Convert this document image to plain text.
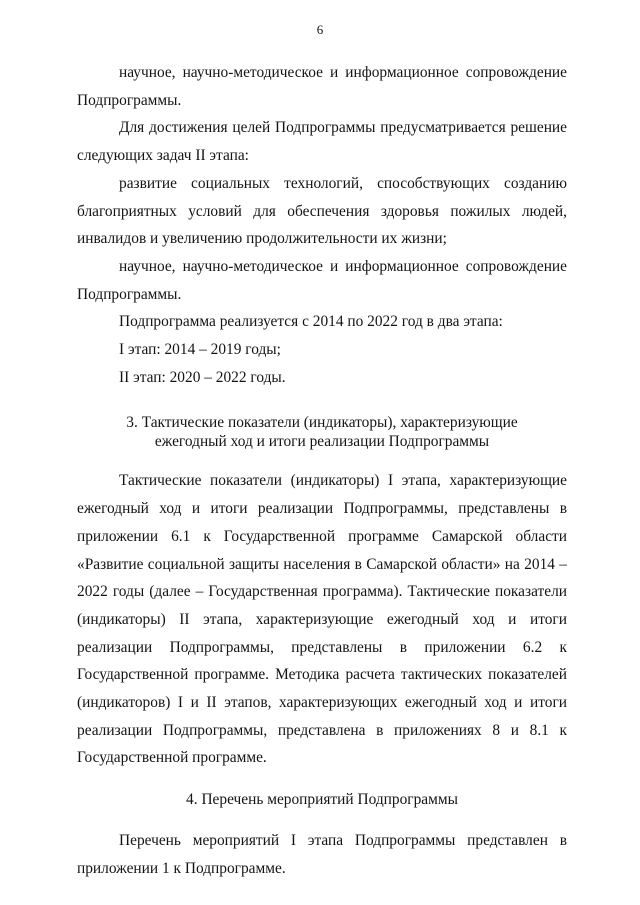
6

научное, научно-методическое и информационное сопровождение Подпрограммы.

Для достижения целей Подпрограммы предусматривается решение следующих задач II этапа:

развитие социальных технологий, способствующих созданию благоприятных условий для обеспечения здоровья пожилых людей, инвалидов и увеличению продолжительности их жизни;

научное, научно-методическое и информационное сопровождение Подпрограммы.

Подпрограмма реализуется с 2014 по 2022 год в два этапа:

I этап: 2014 – 2019 годы;

II этап: 2020 – 2022 годы.

3. Тактические показатели (индикаторы), характеризующие
ежегодный ход и итоги реализации Подпрограммы

Тактические показатели (индикаторы) I этапа, характеризующие ежегодный ход и итоги реализации Подпрограммы, представлены в приложении 6.1 к Государственной программе Самарской области «Развитие социальной защиты населения в Самарской области» на 2014 – 2022 годы (далее – Государственная программа). Тактические показатели (индикаторы) II этапа, характеризующие ежегодный ход и итоги реализации Подпрограммы, представлены в приложении 6.2 к Государственной программе. Методика расчета тактических показателей (индикаторов) I и II этапов, характеризующих ежегодный ход и итоги реализации Подпрограммы, представлена в приложениях 8 и 8.1 к Государственной программе.

4. Перечень мероприятий Подпрограммы

Перечень мероприятий I этапа Подпрограммы представлен в приложении 1 к Подпрограмме.
